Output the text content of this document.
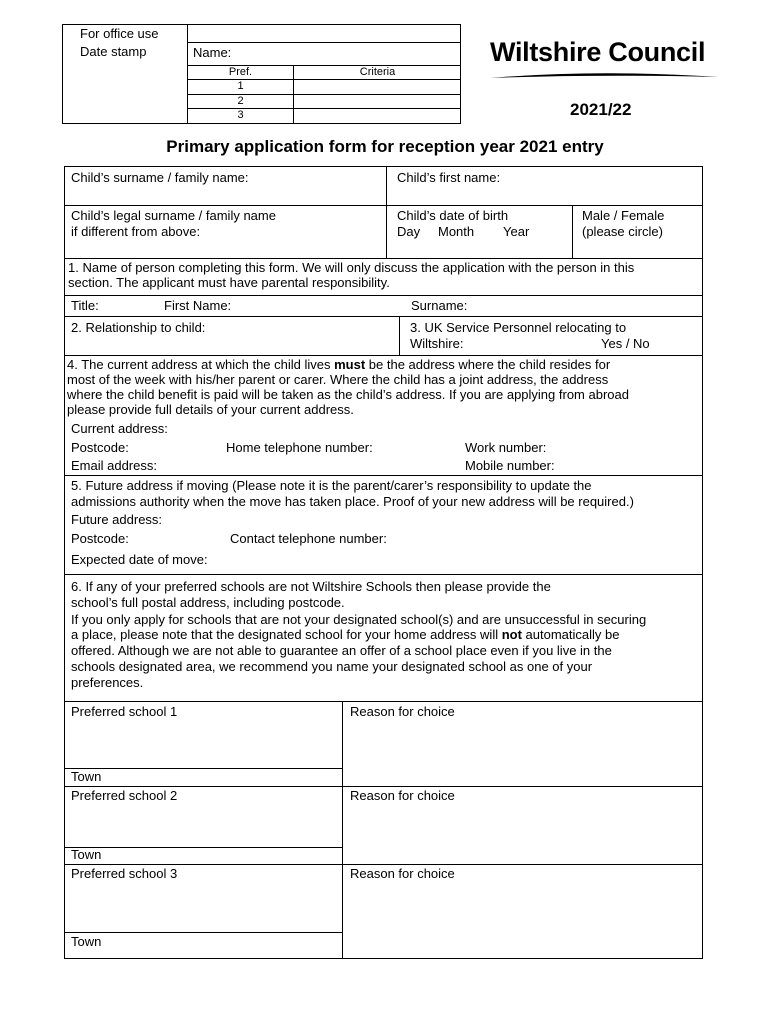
For office use
Date stamp	Name:
Pref.	Criteria
1
2
3
Wiltshire Council
2021/22
Primary application form for reception year 2021 entry
Child’s surname / family name:	Child’s first name:
Child’s legal surname / family name
if different from above:
Child’s date of birth
Day Month Year
Male / Female
(please circle)
1. Name of person completing this form. We will only discuss the application with the person in this
section. The applicant must have parental responsibility.
Title:	First Name:	Surname:
2. Relationship to child:	3. UK Service Personnel relocating to
Wiltshire:	Yes / No
4. The current address at which the child lives must be the address where the child resides for
most of the week with his/her parent or carer. Where the child has a joint address, the address
where the child benefit is paid will be taken as the child’s address. If you are applying from abroad
please provide full details of your current address.
Current address:
Postcode:	Home telephone number:	Work number:
Email address:	Mobile number:
5. Future address if moving (Please note it is the parent/carer’s responsibility to update the
admissions authority when the move has taken place. Proof of your new address will be required.)
Future address:
Postcode:	Contact telephone number:
Expected date of move:
6. If any of your preferred schools are not Wiltshire Schools then please provide the
school’s full postal address, including postcode.
If you only apply for schools that are not your designated school(s) and are unsuccessful in securing
a place, please note that the designated school for your home address will not automatically be
offered. Although we are not able to guarantee an offer of a school place even if you live in the
schools designated area, we recommend you name your designated school as one of your
preferences.
Preferred school 1	Reason for choice
Town
Preferred school 2	Reason for choice
Town
Preferred school 3	Reason for choice
Town
